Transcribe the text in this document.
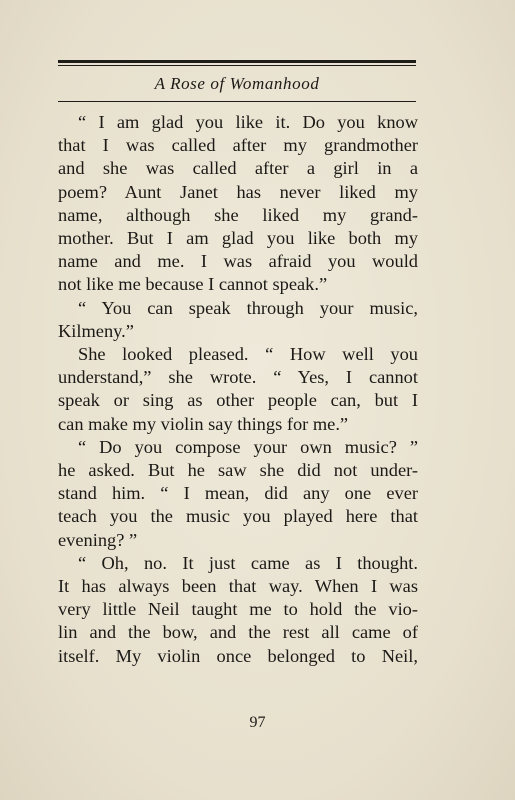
A Rose of Womanhood
“ I am glad you like it. Do you know
that I was called after my grandmother
and she was called after a girl in a
poem? Aunt Janet has never liked my
name, although she liked my grand-
mother. But I am glad you like both my
name and me. I was afraid you would
not like me because I cannot speak.”
“ You can speak through your music,
Kilmeny.”
She looked pleased. “ How well you
understand,” she wrote. “ Yes, I cannot
speak or sing as other people can, but I
can make my violin say things for me.”
“ Do you compose your own music? ”
he asked. But he saw she did not under-
stand him. “ I mean, did any one ever
teach you the music you played here that
evening? ”
“ Oh, no. It just came as I thought.
It has always been that way. When I was
very little Neil taught me to hold the vio-
lin and the bow, and the rest all came of
itself. My violin once belonged to Neil,
97
